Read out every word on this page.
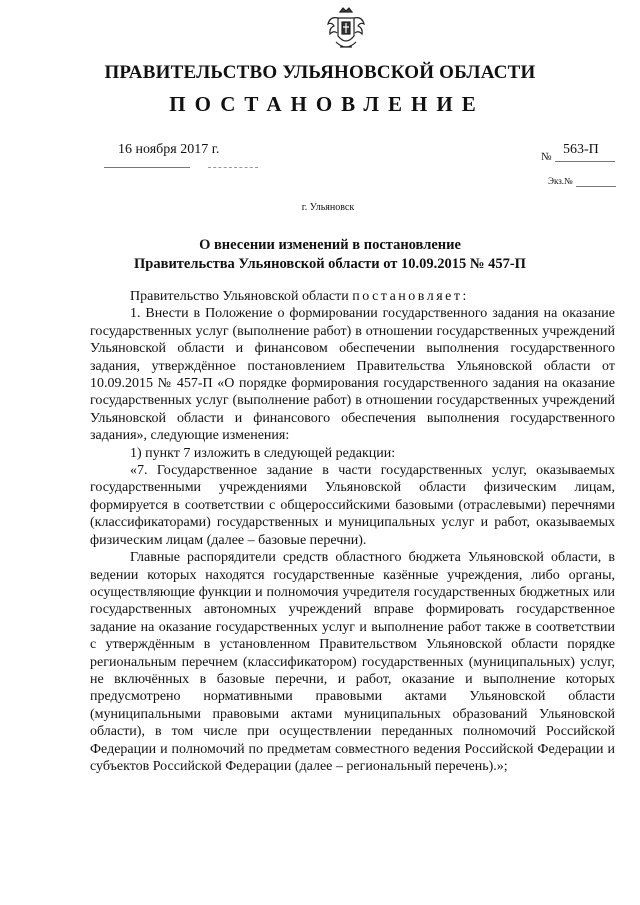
ПРАВИТЕЛЬСТВО УЛЬЯНОВСКОЙ ОБЛАСТИ
ПОСТАНОВЛЕНИЕ
16 ноября 2017 г.	№ 563-П
Экз.№
г. Ульяновск
О внесении изменений в постановление
Правительства Ульяновской области от 10.09.2015 № 457-П

Правительство Ульяновской области постановляет:

1. Внести в Положение о формировании государственного задания на оказание государственных услуг (выполнение работ) в отношении государственных учреждений Ульяновской области и финансовом обеспечении выполнения государственного задания, утверждённое постановлением Правительства Ульяновской области от 10.09.2015 № 457-П «О порядке формирования государственного задания на оказание государственных услуг (выполнение работ) в отношении государственных учреждений Ульяновской области и финансового обеспечения выполнения государственного задания», следующие изменения:

1) пункт 7 изложить в следующей редакции:

«7. Государственное задание в части государственных услуг, оказываемых государственными учреждениями Ульяновской области физическим лицам, формируется в соответствии с общероссийскими базовыми (отраслевыми) перечнями (классификаторами) государственных и муниципальных услуг и работ, оказываемых физическим лицам (далее – базовые перечни).

Главные распорядители средств областного бюджета Ульяновской области, в ведении которых находятся государственные казённые учреждения, либо органы, осуществляющие функции и полномочия учредителя государственных бюджетных или государственных автономных учреждений вправе формировать государственное задание на оказание государственных услуг и выполнение работ также в соответствии с утверждённым в установленном Правительством Ульяновской области порядке региональным перечнем (классификатором) государственных (муниципальных) услуг, не включённых в базовые перечни, и работ, оказание и выполнение которых предусмотрено нормативными правовыми актами Ульяновской области (муниципальными правовыми актами муниципальных образований Ульяновской области), в том числе при осуществлении переданных полномочий Российской Федерации и полномочий по предметам совместного ведения Российской Федерации и субъектов Российской Федерации (далее – региональный перечень).»;
